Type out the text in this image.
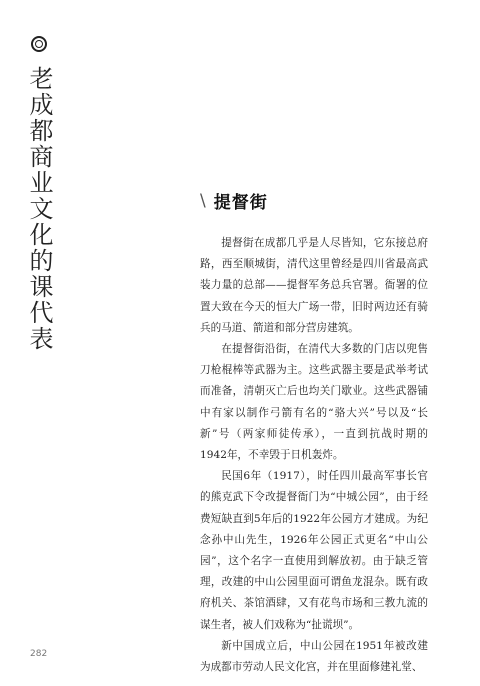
老成都商业文化的课代表	\ 提督街

提督街在成都几乎是人尽皆知，它东接总府路，西至顺城街，清代这里曾经是四川省最高武装力量的总部——提督军务总兵官署。衙署的位置大致在今天的恒大广场一带，旧时两边还有骑兵的马道、箭道和部分营房建筑。

在提督街沿街，在清代大多数的门店以兜售刀枪棍棒等武器为主。这些武器主要是武举考试而准备，清朝灭亡后也均关门歇业。这些武器铺中有家以制作弓箭有名的“骆大兴”号以及“长新”号（两家师徒传承），一直到抗战时期的1942年，不幸毁于日机轰炸。

民国6年（1917），时任四川最高军事长官的熊克武下令改提督衙门为“中城公园”，由于经费短缺直到5年后的1922年公园方才建成。为纪念孙中山先生，1926年公园正式更名“中山公园”，这个名字一直使用到解放初。由于缺乏管理，改建的中山公园里面可谓鱼龙混杂。既有政府机关、茶馆酒肆，又有花鸟市场和三教九流的谋生者，被人们戏称为“扯谎坝”。

新中国成立后，中山公园在1951年被改建为成都市劳动人民文化宫，并在里面修建礼堂、

282
